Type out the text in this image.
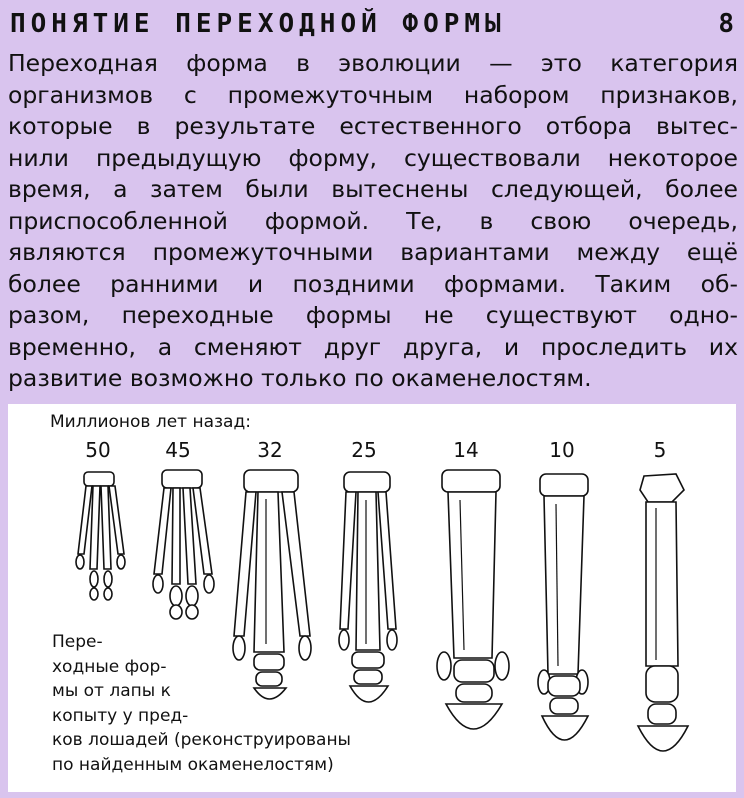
ПОНЯТИЕ ПЕРЕХОДНОЙ ФОРМЫ	8
Переходная форма в эволюции — это категория
организмов с промежуточным набором признаков,
которые в результате естественного отбора вытес-
нили предыдущую форму, существовали некоторое
время, а затем были вытеснены следующей, более
приспособленной формой. Те, в свою очередь,
являются промежуточными вариантами между ещё
более ранними и поздними формами. Таким об-
разом, переходные формы не существуют одно-
временно, а сменяют друг друга, и проследить их
развитие возможно только по окаменелостям.
Миллионов лет назад:
50	45	32	25	14	10	5
Пере-
ходные фор-
мы от лапы к
копыту у пред-
ков лошадей (реконструированы
по найденным окаменелостям)
